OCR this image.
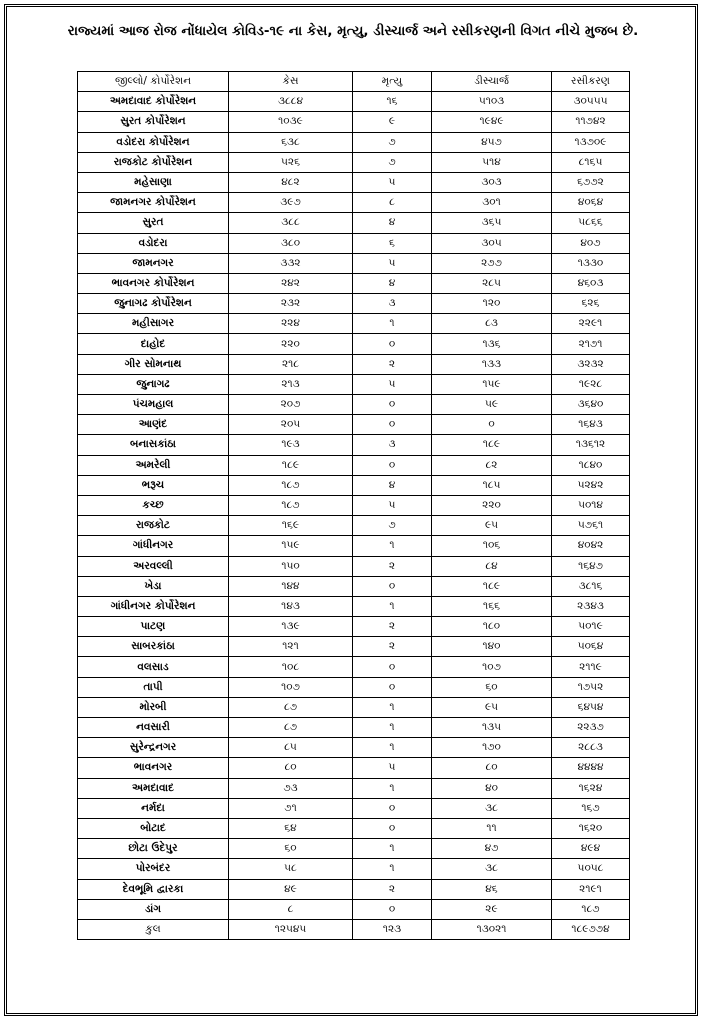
રાજ્યમાં આજ રોજ નોંધાયેલ કોવિડ-૧૯ ના કેસ, મૃત્યુ, ડીસ્ચાર્જ અને રસીકરણની વિગત નીચે મુજબ છે.
જીલ્લો/ કોર્પોરેશન	કેસ	મૃત્યુ	ડીસ્ચાર્જ	રસીકરણ
અમદાવાદ કોર્પોરેશન	૩૮૮૪	૧૬	૫૧૦૩	૩૦૫૫૫
સુરત કોર્પોરેશન	૧૦૩૯	૯	૧૯૪૯	૧૧૭૪૨
વડોદરા કોર્પોરેશન	૬૩૮	૭	૪૫૭	૧૩૭૦૯
રાજકોટ કોર્પોરેશન	૫૨૬	૭	૫૧૪	૮૧૬૫
મહેસાણા	૪૮૨	૫	૩૦૩	૬૭૭૨
જામનગર કોર્પોરેશન	૩૯૭	૮	૩૦૧	૪૦૬૪
સુરત	૩૮૮	૪	૩૬૫	૫૮૬૬
વડોદરા	૩૮૦	૬	૩૦૫	૪૦૭
જામનગર	૩૩૨	૫	૨૭૭	૧૩૩૦
ભાવનગર કોર્પોરેશન	૨૪૨	૪	૨૮૫	૪૬૦૩
જુનાગઢ કોર્પોરેશન	૨૩૨	૩	૧૨૦	૬૨૬
મહીસાગર	૨૨૪	૧	૮૩	૨૨૯૧
દાહોદ	૨૨૦	૦	૧૩૬	૨૧૭૧
ગીર સોમનાથ	૨૧૮	૨	૧૩૩	૩૨૩૨
જુનાગઢ	૨૧૩	૫	૧૫૯	૧૯૨૮
પંચમહાલ	૨૦૭	૦	૫૯	૩૬૪૦
આણંદ	૨૦૫	૦	૦	૧૬૪૩
બનાસકાંઠા	૧૯૩	૩	૧૮૯	૧૩૬૧૨
અમરેલી	૧૮૯	૦	૮૨	૧૮૪૦
ભરૂચ	૧૮૭	૪	૧૮૫	૫૨૪૨
કચ્છ	૧૮૭	૫	૨૨૦	૫૦૧૪
રાજકોટ	૧૬૯	૭	૯૫	૫૭૬૧
ગાંધીનગર	૧૫૯	૧	૧૦૬	૪૦૪૨
અરવલ્લી	૧૫૦	૨	૮૪	૧૬૪૭
ખેડા	૧૪૪	૦	૧૮૯	૩૮૧૬
ગાંધીનગર કોર્પોરેશન	૧૪૩	૧	૧૬૬	૨૩૪૩
પાટણ	૧૩૯	૨	૧૮૦	૫૦૧૯
સાબરકાંઠા	૧૨૧	૨	૧૪૦	૫૦૬૪
વલસાડ	૧૦૮	૦	૧૦૭	૨૧૧૯
તાપી	૧૦૭	૦	૬૦	૧૭૫૨
મોરબી	૮૭	૧	૯૫	૬૪૫૪
નવસારી	૮૭	૧	૧૩૫	૨૨૩૭
સુરેન્દ્રનગર	૮૫	૧	૧૭૦	૨૮૮૩
ભાવનગર	૮૦	૫	૮૦	૪૪૪૪
અમદાવાદ	૭૩	૧	૪૦	૧૬૨૪
નર્મદા	૭૧	૦	૩૮	૧૬૭
બોટાદ	૬૪	૦	૧૧	૧૬૨૦
છોટા ઉદેપુર	૬૦	૧	૪૭	૪૯૪
પોરબંદર	૫૮	૧	૩૮	૫૦૫૮
દેવભૂમિ દ્વારકા	૪૯	૨	૪૬	૨૧૯૧
ડાંગ	૮	૦	૨૯	૧૮૭
કુલ	૧૨૫૪૫	૧૨૩	૧૩૦૨૧	૧૮૯૭૭૪
